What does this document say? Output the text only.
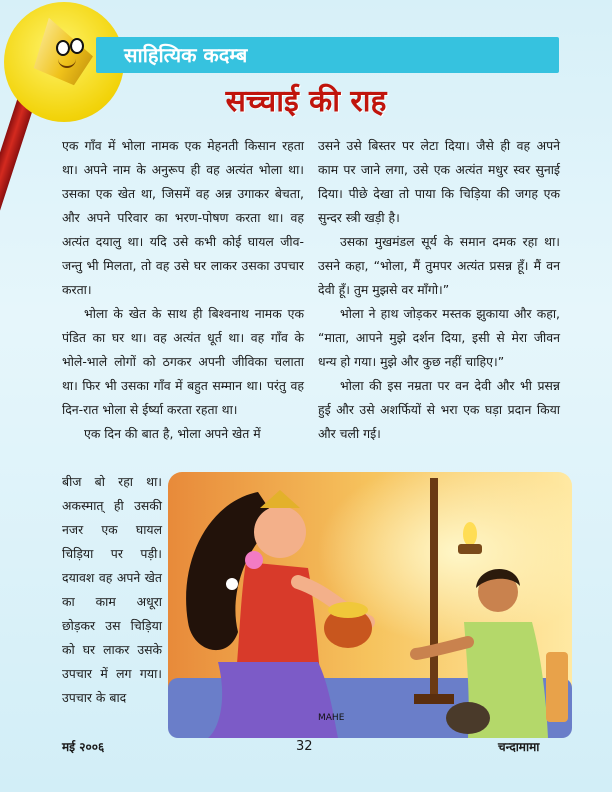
साहित्यिक कदम्ब
सच्चाई की राह

एक गाँव में भोला नामक एक मेहनती किसान रहता था। अपने नाम के अनुरूप ही वह अत्यंत भोला था। उसका एक खेत था, जिसमें वह अन्न उगाकर बेचता, और अपने परिवार का भरण-पोषण करता था। वह अत्यंत दयालु था। यदि उसे कभी कोई घायल जीव-जन्तु भी मिलता, तो वह उसे घर लाकर उसका उपचार करता।

भोला के खेत के साथ ही बिश्वनाथ नामक एक पंडित का घर था। वह अत्यंत धूर्त था। वह गाँव के भोले-भाले लोगों को ठगकर अपनी जीविका चलाता था। फिर भी उसका गाँव में बहुत सम्मान था। परंतु वह दिन-रात भोला से ईर्ष्या करता रहता था।

एक दिन की बात है, भोला अपने खेत में

बीज बो रहा था। अकस्मात् ही उसकी नजर एक घायल चिड़िया पर पड़ी। दयावश वह अपने खेत का काम अधूरा छोड़कर उस चिड़िया को घर लाकर उसके उपचार में लग गया। उपचार के बाद

उसने उसे बिस्तर पर लेटा दिया। जैसे ही वह अपने काम पर जाने लगा, उसे एक अत्यंत मधुर स्वर सुनाई दिया। पीछे देखा तो पाया कि चिड़िया की जगह एक सुन्दर स्त्री खड़ी है।

उसका मुखमंडल सूर्य के समान दमक रहा था। उसने कहा, “भोला, मैं तुमपर अत्यंत प्रसन्न हूँ। मैं वन देवी हूँ। तुम मुझसे वर माँगो।”

भोला ने हाथ जोड़कर मस्तक झुकाया और कहा, “माता, आपने मुझे दर्शन दिया, इसी से मेरा जीवन धन्य हो गया। मुझे और कुछ नहीं चाहिए।”

भोला की इस नम्रता पर वन देवी और भी प्रसन्न हुई और उसे अशर्फियों से भरा एक घड़ा प्रदान किया और चली गई।

MAHE
मई २००६	32	चन्दामामा
